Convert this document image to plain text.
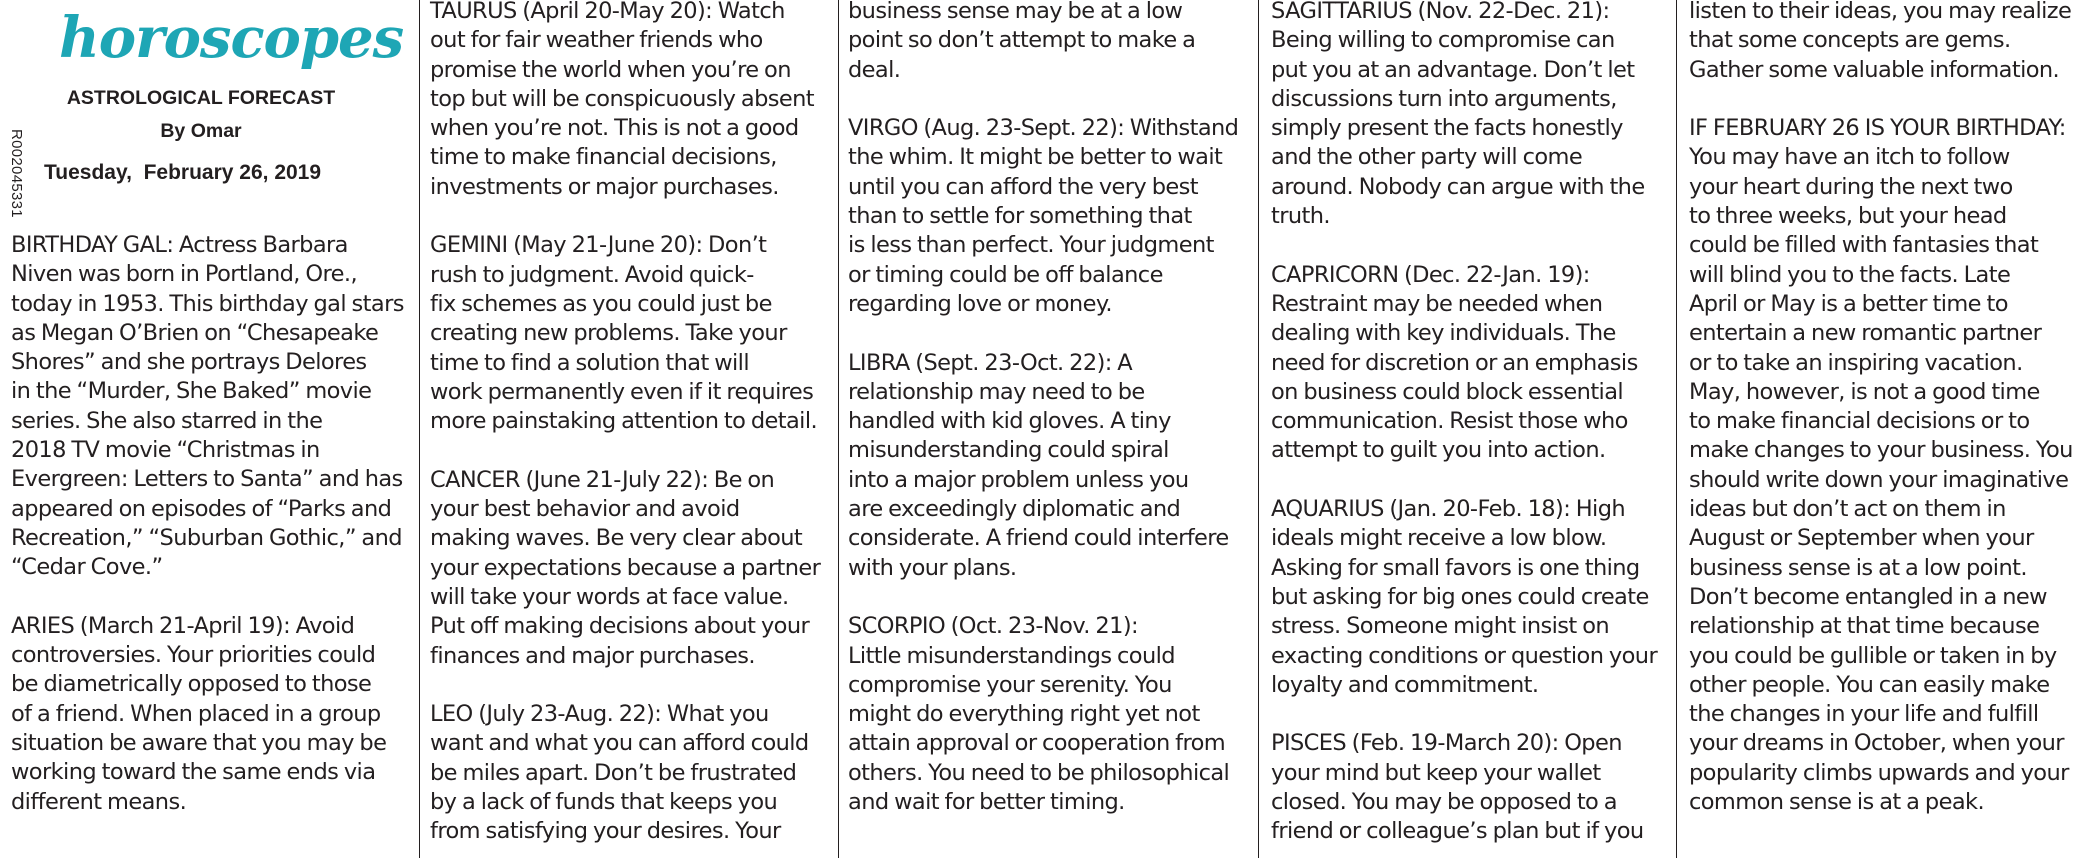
horoscopes
ASTROLOGICAL FORECAST
By Omar
Tuesday,  February 26, 2019
R002045331

BIRTHDAY GAL: Actress Barbara
Niven was born in Portland, Ore.,
today in 1953. This birthday gal stars
as Megan O’Brien on “Chesapeake
Shores” and she portrays Delores
in the “Murder, She Baked” movie
series. She also starred in the
2018 TV movie “Christmas in
Evergreen: Letters to Santa” and has
appeared on episodes of “Parks and
Recreation,” “Suburban Gothic,” and
“Cedar Cove.”

ARIES (March 21-April 19): Avoid
controversies. Your priorities could
be diametrically opposed to those
of a friend. When placed in a group
situation be aware that you may be
working toward the same ends via
different means.

TAURUS (April 20-May 20): Watch
out for fair weather friends who
promise the world when you’re on
top but will be conspicuously absent
when you’re not. This is not a good
time to make financial decisions,
investments or major purchases.

GEMINI (May 21-June 20): Don’t
rush to judgment. Avoid quick-
fix schemes as you could just be
creating new problems. Take your
time to find a solution that will
work permanently even if it requires
more painstaking attention to detail.

CANCER (June 21-July 22): Be on
your best behavior and avoid
making waves. Be very clear about
your expectations because a partner
will take your words at face value.
Put off making decisions about your
finances and major purchases.

LEO (July 23-Aug. 22): What you
want and what you can afford could
be miles apart. Don’t be frustrated
by a lack of funds that keeps you
from satisfying your desires. Your

business sense may be at a low
point so don’t attempt to make a
deal.

VIRGO (Aug. 23-Sept. 22): Withstand
the whim. It might be better to wait
until you can afford the very best
than to settle for something that
is less than perfect. Your judgment
or timing could be off balance
regarding love or money.

LIBRA (Sept. 23-Oct. 22): A
relationship may need to be
handled with kid gloves. A tiny
misunderstanding could spiral
into a major problem unless you
are exceedingly diplomatic and
considerate. A friend could interfere
with your plans.

SCORPIO (Oct. 23-Nov. 21):
Little misunderstandings could
compromise your serenity. You
might do everything right yet not
attain approval or cooperation from
others. You need to be philosophical
and wait for better timing.

SAGITTARIUS (Nov. 22-Dec. 21):
Being willing to compromise can
put you at an advantage. Don’t let
discussions turn into arguments,
simply present the facts honestly
and the other party will come
around. Nobody can argue with the
truth.

CAPRICORN (Dec. 22-Jan. 19):
Restraint may be needed when
dealing with key individuals. The
need for discretion or an emphasis
on business could block essential
communication. Resist those who
attempt to guilt you into action.

AQUARIUS (Jan. 20-Feb. 18): High
ideals might receive a low blow.
Asking for small favors is one thing
but asking for big ones could create
stress. Someone might insist on
exacting conditions or question your
loyalty and commitment.

PISCES (Feb. 19-March 20): Open
your mind but keep your wallet
closed. You may be opposed to a
friend or colleague’s plan but if you

listen to their ideas, you may realize
that some concepts are gems.
Gather some valuable information.

IF FEBRUARY 26 IS YOUR BIRTHDAY:
You may have an itch to follow
your heart during the next two
to three weeks, but your head
could be filled with fantasies that
will blind you to the facts. Late
April or May is a better time to
entertain a new romantic partner
or to take an inspiring vacation.
May, however, is not a good time
to make financial decisions or to
make changes to your business. You
should write down your imaginative
ideas but don’t act on them in
August or September when your
business sense is at a low point.
Don’t become entangled in a new
relationship at that time because
you could be gullible or taken in by
other people. You can easily make
the changes in your life and fulfill
your dreams in October, when your
popularity climbs upwards and your
common sense is at a peak.
